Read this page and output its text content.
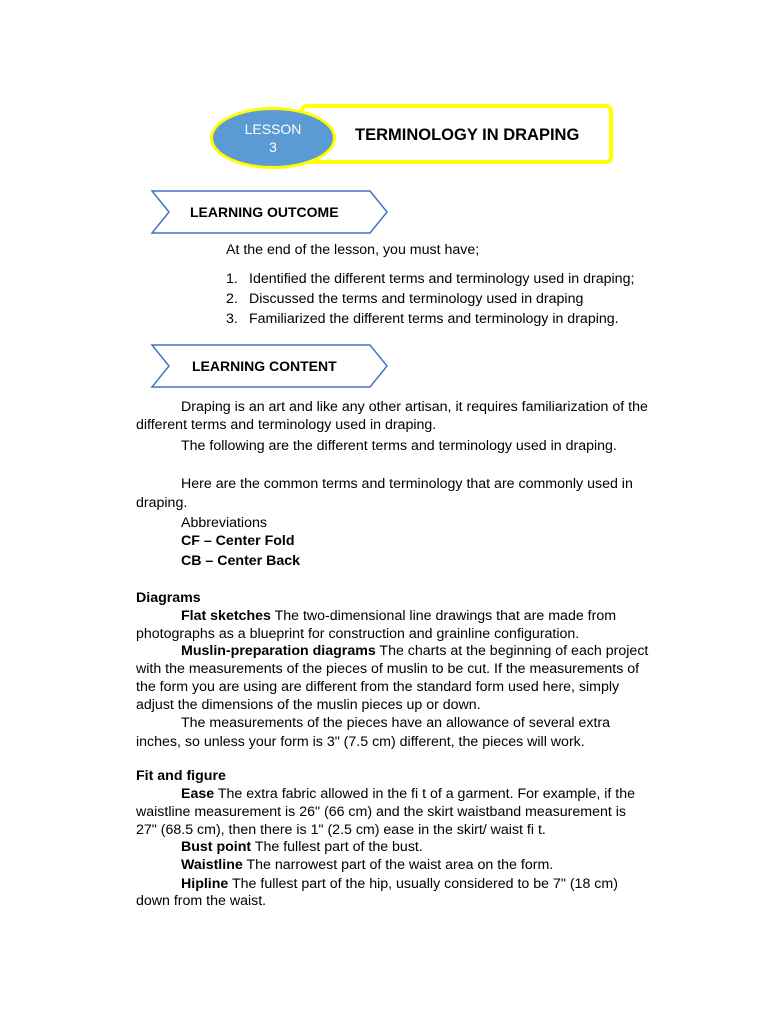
TERMINOLOGY IN DRAPING
LESSON
3
LEARNING OUTCOME
At the end of the lesson, you must have;
1. Identified the different terms and terminology used in draping;
2. Discussed the terms and terminology used in draping
3. Familiarized the different terms and terminology in draping.
LEARNING CONTENT
Draping is an art and like any other artisan, it requires familiarization of the
different terms and terminology used in draping.
The following are the different terms and terminology used in draping.
Here are the common terms and terminology that are commonly used in
draping.
Abbreviations
CF – Center Fold
CB – Center Back
Diagrams
Flat sketches The two-dimensional line drawings that are made from
photographs as a blueprint for construction and grainline configuration.
Muslin-preparation diagrams The charts at the beginning of each project
with the measurements of the pieces of muslin to be cut. If the measurements of
the form you are using are different from the standard form used here, simply
adjust the dimensions of the muslin pieces up or down.
The measurements of the pieces have an allowance of several extra
inches, so unless your form is 3" (7.5 cm) different, the pieces will work.
Fit and figure
Ease The extra fabric allowed in the fi t of a garment. For example, if the
waistline measurement is 26" (66 cm) and the skirt waistband measurement is
27" (68.5 cm), then there is 1" (2.5 cm) ease in the skirt/ waist fi t.
Bust point The fullest part of the bust.
Waistline The narrowest part of the waist area on the form.
Hipline The fullest part of the hip, usually considered to be 7" (18 cm)
down from the waist.
